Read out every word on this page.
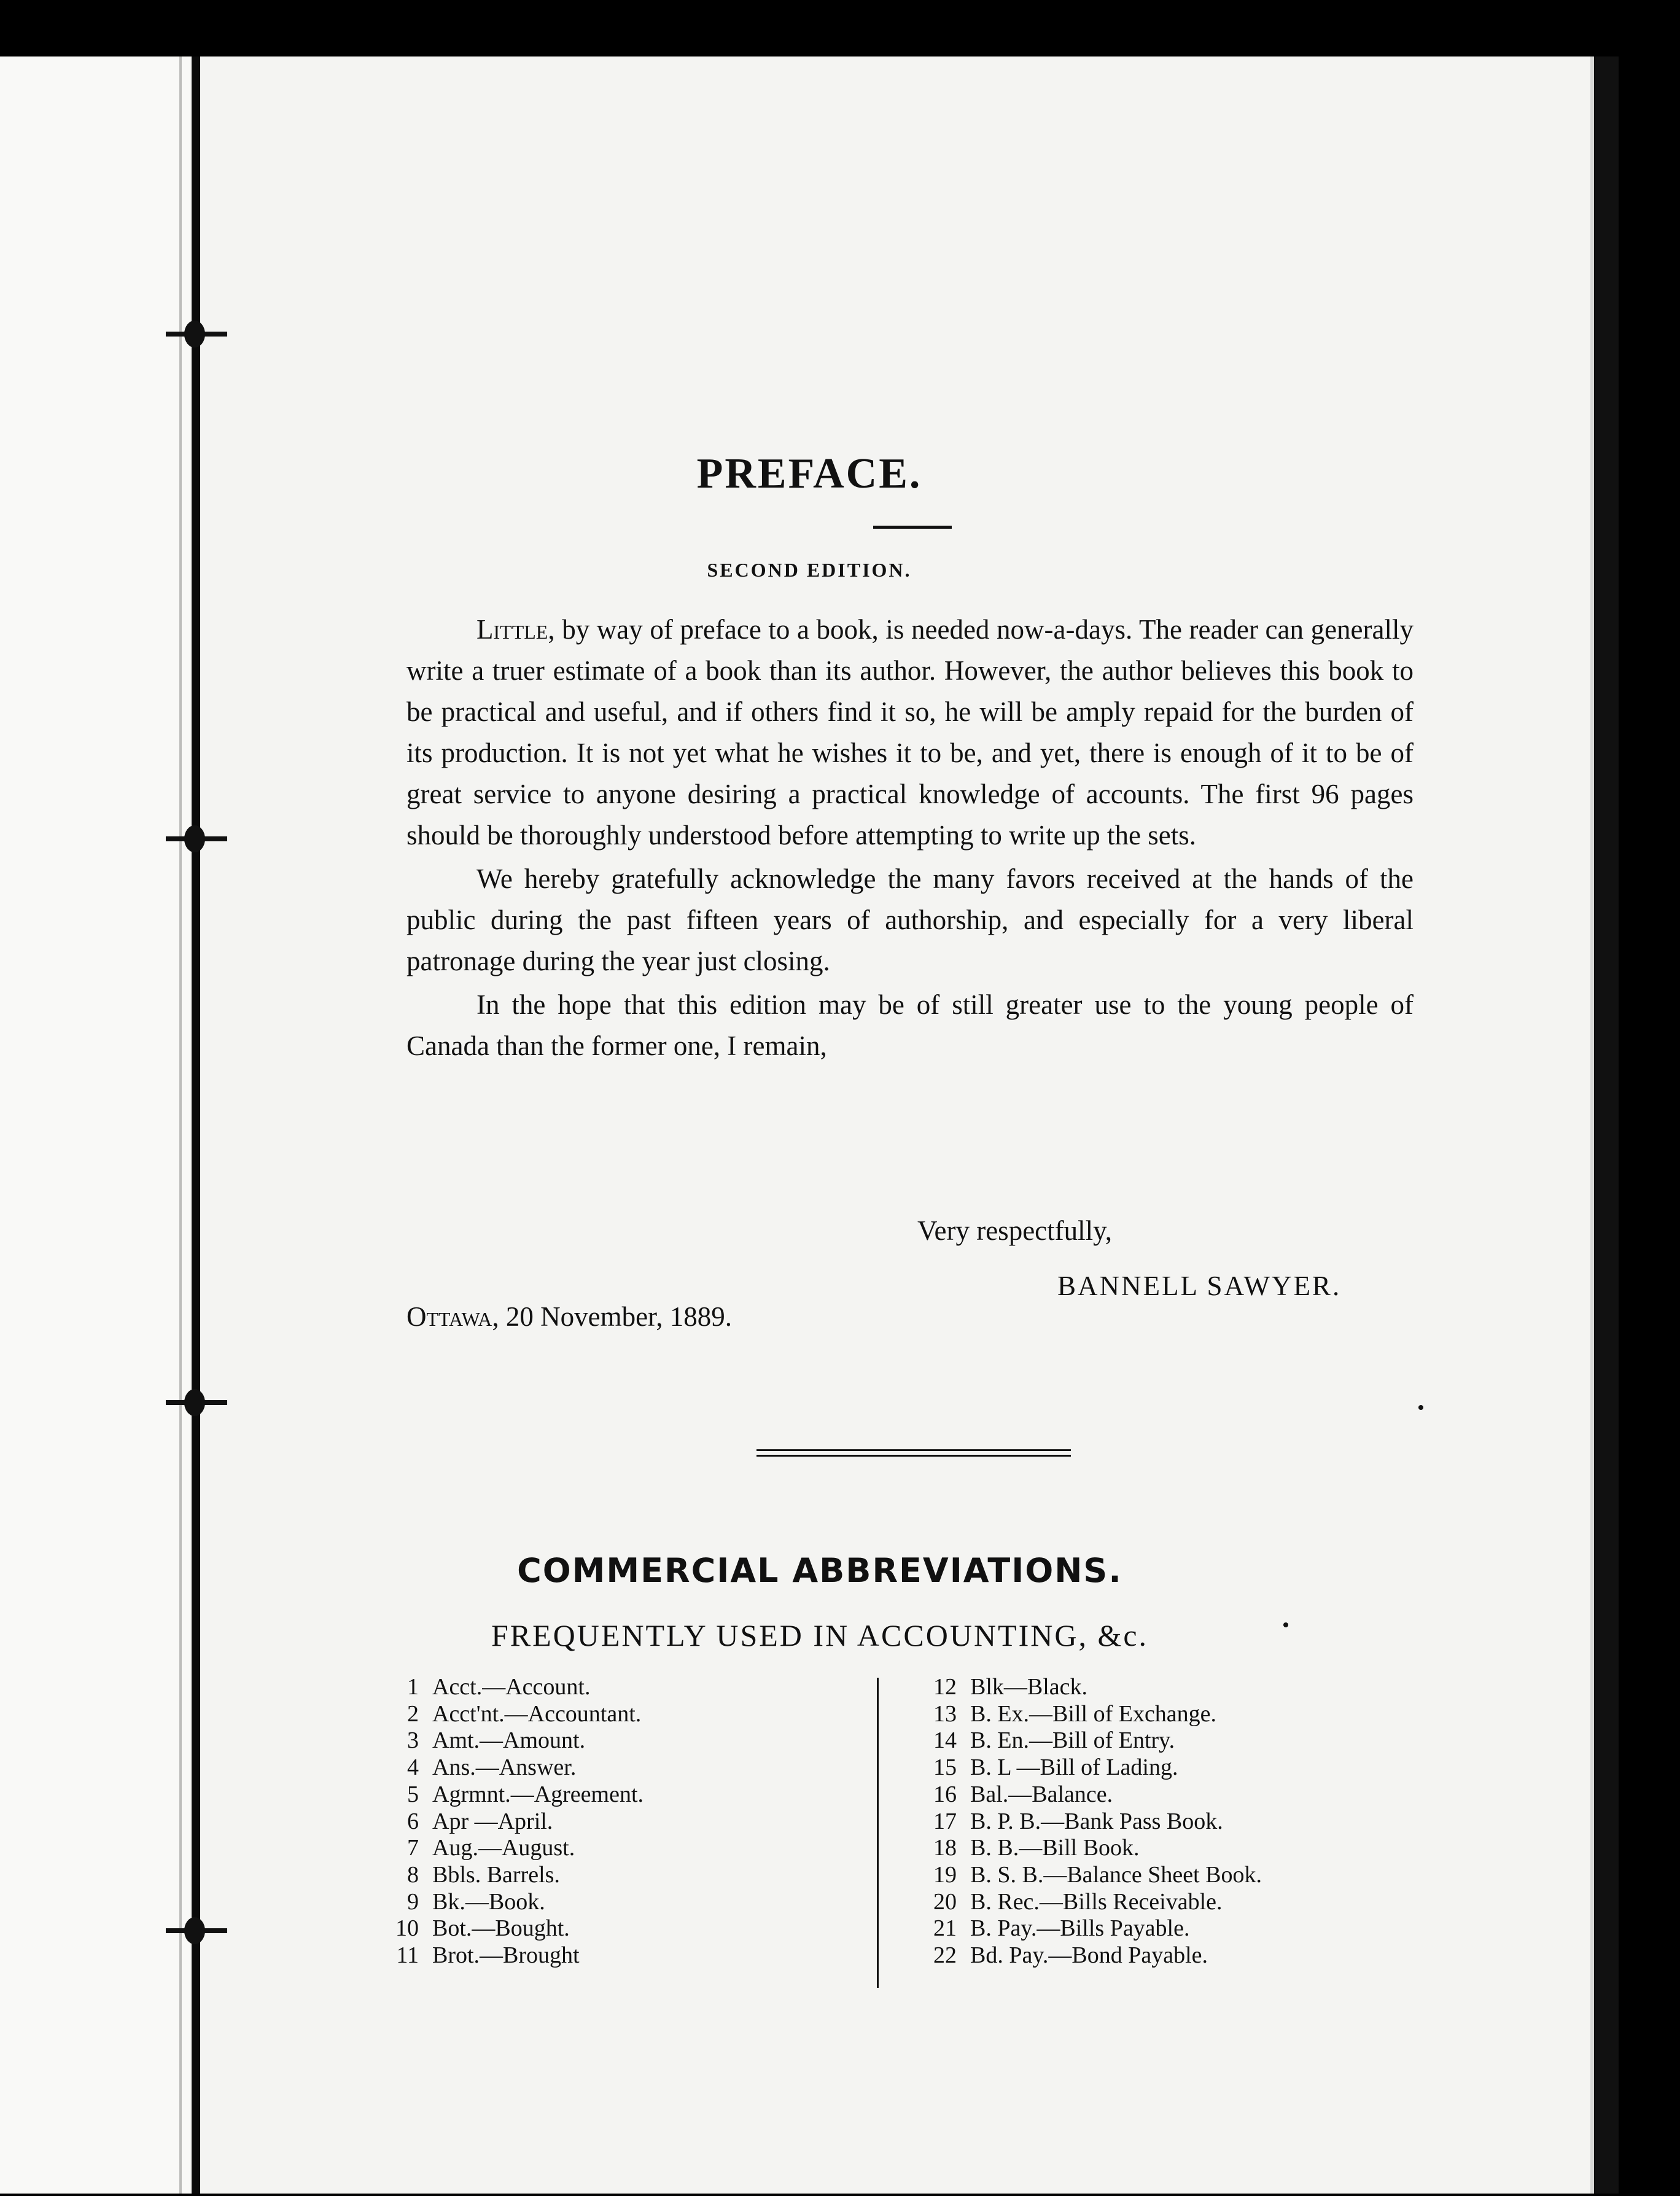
PREFACE.
SECOND EDITION.

Little, by way of preface to a book, is needed now-a-days. The reader can generally write a truer estimate of a book than its author. However, the author believes this book to be practical and useful, and if others find it so, he will be amply repaid for the burden of its production. It is not yet what he wishes it to be, and yet, there is enough of it to be of great service to anyone desiring a practical knowledge of accounts. The first 96 pages should be thoroughly understood before attempting to write up the sets.

We hereby gratefully acknowledge the many favors received at the hands of the public during the past fifteen years of authorship, and especially for a very liberal patronage during the year just closing.

In the hope that this edition may be of still greater use to the young people of Canada than the former one, I remain,

Very respectfully,
BANNELL SAWYER.
Ottawa, 20 November, 1889.
COMMERCIAL ABBREVIATIONS.
FREQUENTLY USED IN ACCOUNTING, &c.
1 Acct.—Account.
2 Acct'nt.—Accountant.
3 Amt.—Amount.
4 Ans.—Answer.
5 Agrmnt.—Agreement.
6 Apr —April.
7 Aug.—August.
8 Bbls. Barrels.
9 Bk.—Book.
10 Bot.—Bought.
11 Brot.—Brought
12 Blk—Black.
13 B. Ex.—Bill of Exchange.
14 B. En.—Bill of Entry.
15 B. L —Bill of Lading.
16 Bal.—Balance.
17 B. P. B.—Bank Pass Book.
18 B. B.—Bill Book.
19 B. S. B.—Balance Sheet Book.
20 B. Rec.—Bills Receivable.
21 B. Pay.—Bills Payable.
22 Bd. Pay.—Bond Payable.
